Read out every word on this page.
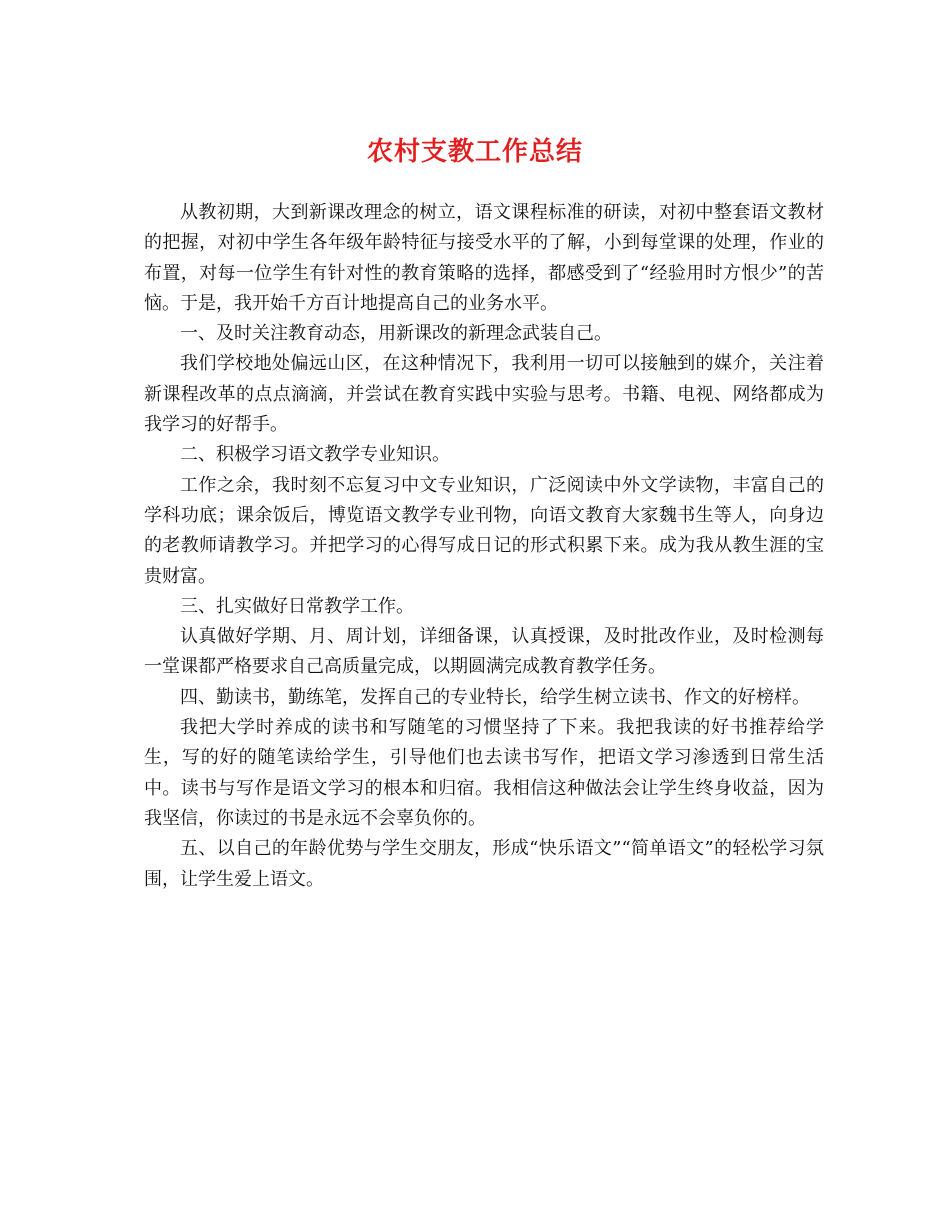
农村支教工作总结

从教初期，大到新课改理念的树立，语文课程标准的研读，对初中整套语文教材的把握，对初中学生各年级年龄特征与接受水平的了解，小到每堂课的处理，作业的布置，对每一位学生有针对性的教育策略的选择，都感受到了“经验用时方恨少”的苦恼。于是，我开始千方百计地提高自己的业务水平。

一、及时关注教育动态，用新课改的新理念武装自己。

我们学校地处偏远山区，在这种情况下，我利用一切可以接触到的媒介，关注着新课程改革的点点滴滴，并尝试在教育实践中实验与思考。书籍、电视、网络都成为我学习的好帮手。

二、积极学习语文教学专业知识。

工作之余，我时刻不忘复习中文专业知识，广泛阅读中外文学读物，丰富自己的学科功底；课余饭后，博览语文教学专业刊物，向语文教育大家魏书生等人，向身边的老教师请教学习。并把学习的心得写成日记的形式积累下来。成为我从教生涯的宝贵财富。

三、扎实做好日常教学工作。

认真做好学期、月、周计划，详细备课，认真授课，及时批改作业，及时检测每一堂课都严格要求自己高质量完成，以期圆满完成教育教学任务。

四、勤读书，勤练笔，发挥自己的专业特长，给学生树立读书、作文的好榜样。

我把大学时养成的读书和写随笔的习惯坚持了下来。我把我读的好书推荐给学生，写的好的随笔读给学生，引导他们也去读书写作，把语文学习渗透到日常生活中。读书与写作是语文学习的根本和归宿。我相信这种做法会让学生终身收益，因为我坚信，你读过的书是永远不会辜负你的。

五、以自己的年龄优势与学生交朋友，形成“快乐语文”“简单语文”的轻松学习氛围，让学生爱上语文。
